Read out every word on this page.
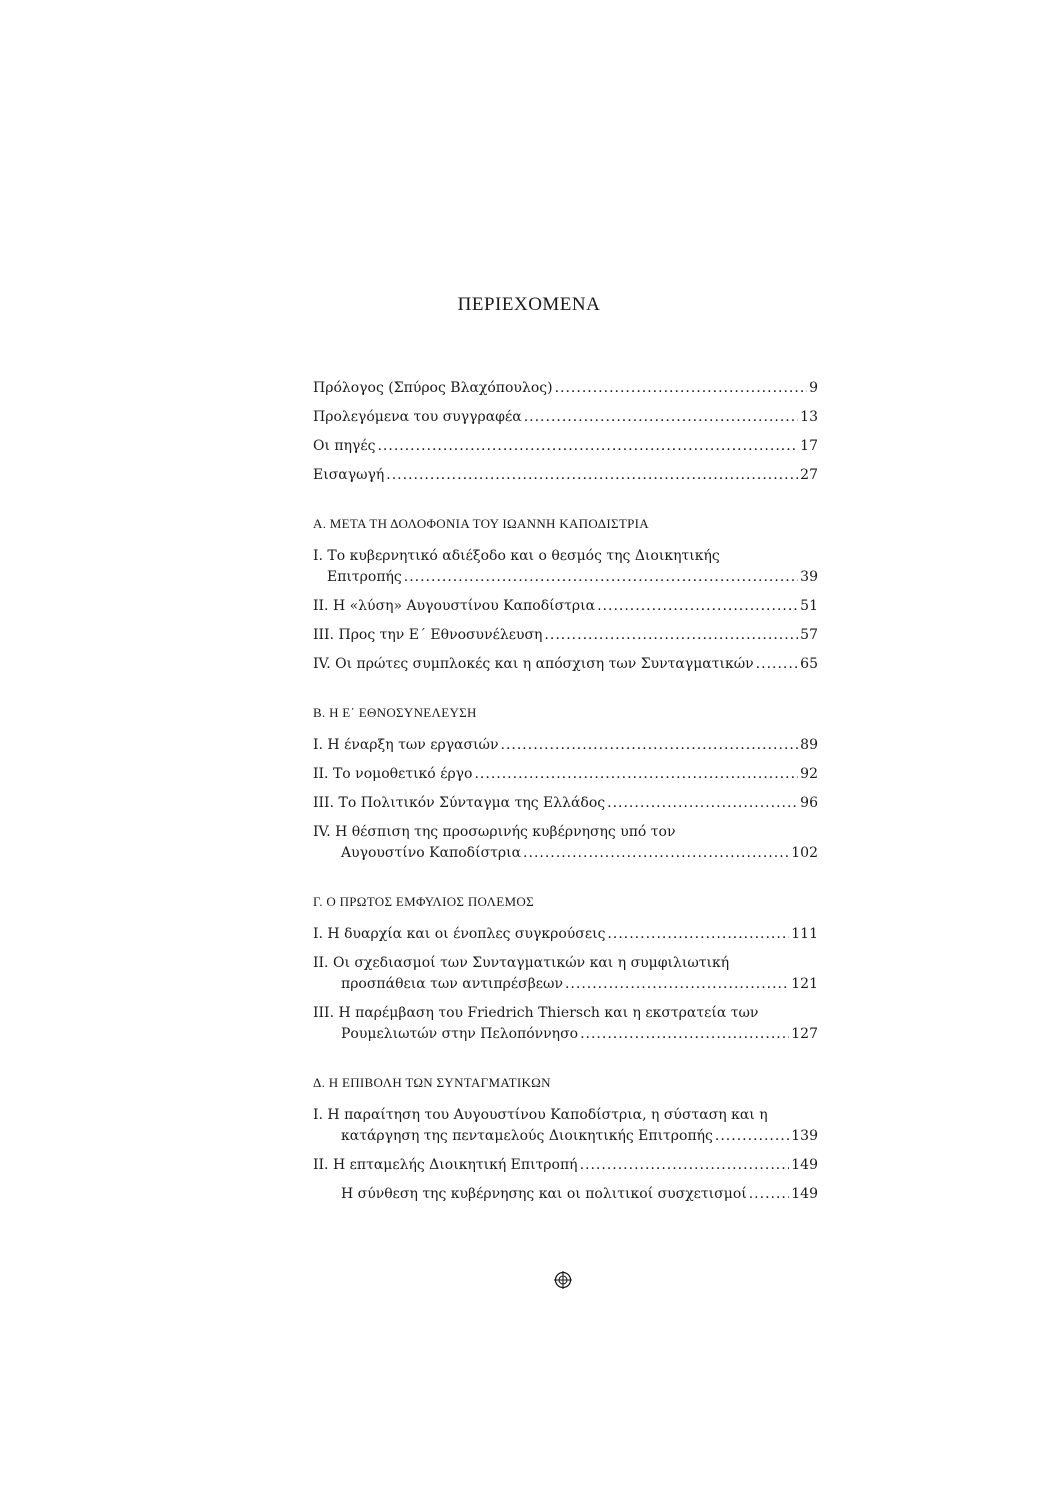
ΠΕΡΙΕΧΟΜΕΝΑ
Πρόλογος (Σπύρος Βλαχόπουλος) .....	9
Προλεγόμενα του συγγραφέα .....	13
Οι πηγές .....	17
Εισαγωγή .....	27
Α. ΜΕΤΑ ΤΗ ΔΟΛΟΦΟΝΙΑ ΤΟΥ ΙΩΑΝΝΗ ΚΑΠΟΔΙΣΤΡΙΑ
Ι. Το κυβερνητικό αδιέξοδο και ο θεσμός της Διοικητικής
Επιτροπής .....	39
ΙΙ. Η «λύση» Αυγουστίνου Καποδίστρια .....	51
ΙΙΙ. Προς την Ε΄ Εθνοσυνέλευση .....	57
ΙV. Οι πρώτες συμπλοκές και η απόσχιση των Συνταγματικών .....	65
Β. Η Ε΄ ΕΘΝΟΣΥΝΕΛΕΥΣΗ
Ι. Η έναρξη των εργασιών .....	89
ΙΙ. Το νομοθετικό έργο .....	92
ΙΙΙ. Το Πολιτικόν Σύνταγμα της Ελλάδος .....	96
ΙV. Η θέσπιση της προσωρινής κυβέρνησης υπό τον
Αυγουστίνο Καποδίστρια .....	102
Γ. Ο ΠΡΩΤΟΣ ΕΜΦΥΛΙΟΣ ΠΟΛΕΜΟΣ
Ι. Η δυαρχία και οι ένοπλες συγκρούσεις .....	111
ΙΙ. Οι σχεδιασμοί των Συνταγματικών και η συμφιλιωτική
προσπάθεια των αντιπρέσβεων .....	121
ΙΙΙ. Η παρέμβαση του Friedrich Thiersch και η εκστρατεία των
Ρουμελιωτών στην Πελοπόννησο .....	127
Δ. Η ΕΠΙΒΟΛΗ ΤΩΝ ΣΥΝΤΑΓΜΑΤΙΚΩΝ
Ι. Η παραίτηση του Αυγουστίνου Καποδίστρια, η σύσταση και η
κατάργηση της πενταμελούς Διοικητικής Επιτροπής .....	139
ΙΙ. Η επταμελής Διοικητική Επιτροπή .....	149
Η σύνθεση της κυβέρνησης και οι πολιτικοί συσχετισμοί .....	149
